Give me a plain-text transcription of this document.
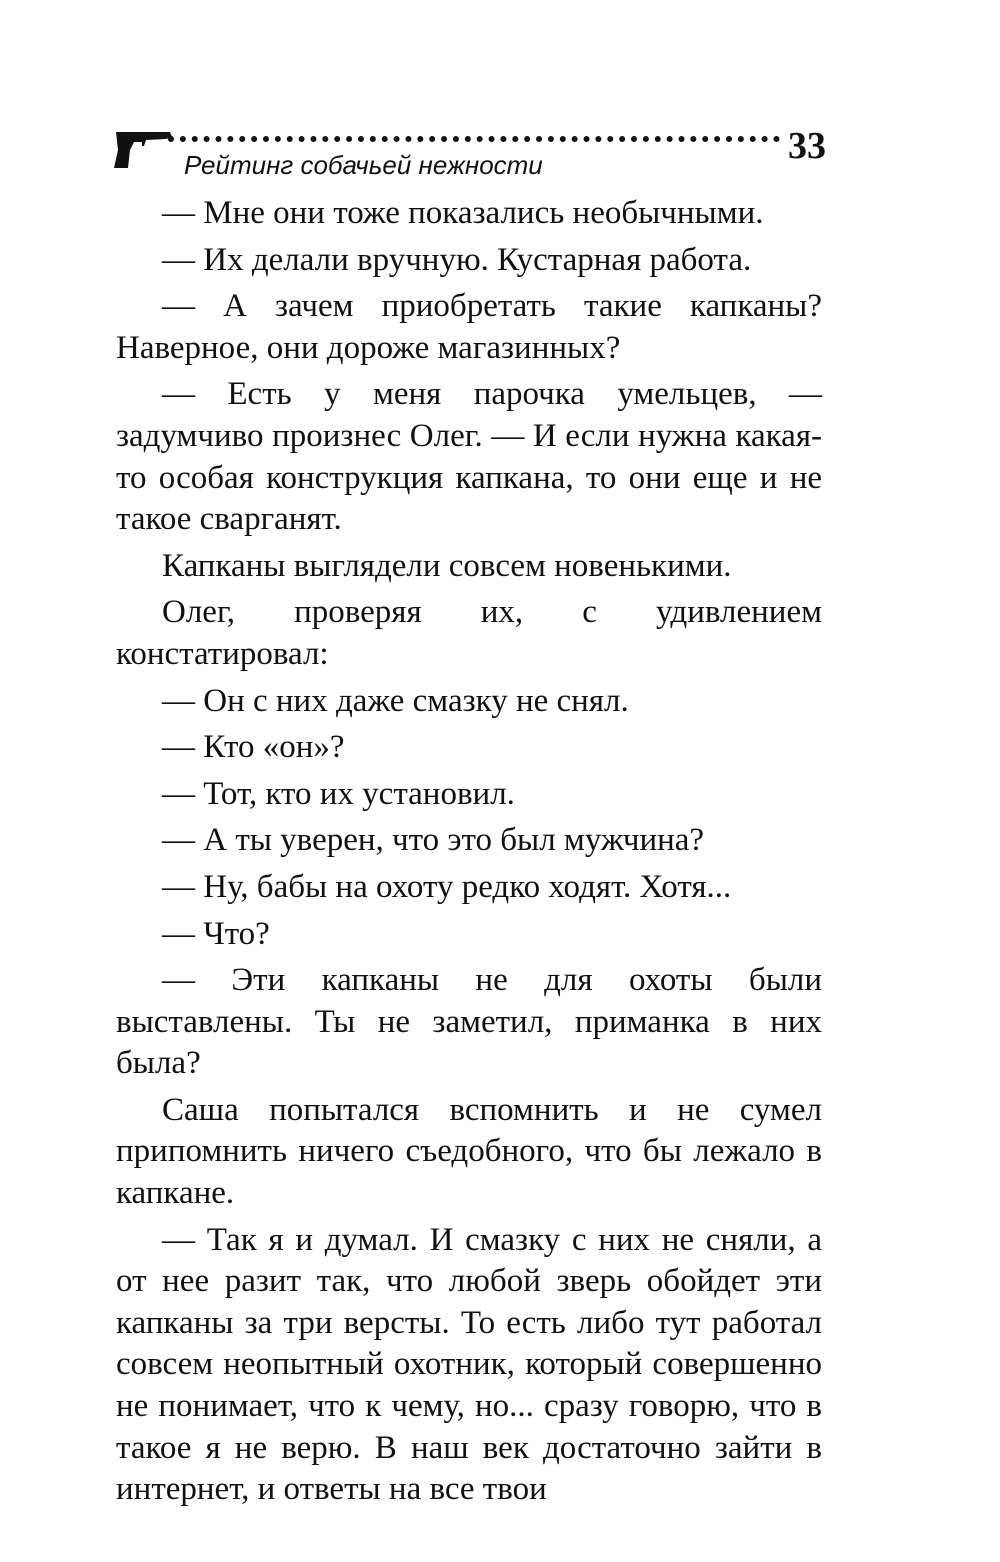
Рейтинг собачьей нежности	33

— Мне они тоже показались необычными.

— Их делали вручную. Кустарная работа.

— А зачем приобретать такие капканы? Наверное, они дороже магазинных?

— Есть у меня парочка умельцев, — задумчиво произнес Олег. — И если нужна какая-то особая конструкция капкана, то они еще и не такое сварганят.

Капканы выглядели совсем новенькими.

Олег, проверяя их, с удивлением констатировал:

— Он с них даже смазку не снял.

— Кто «он»?

— Тот, кто их установил.

— А ты уверен, что это был мужчина?

— Ну, бабы на охоту редко ходят. Хотя...

— Что?

— Эти капканы не для охоты были выставлены. Ты не заметил, приманка в них была?

Саша попытался вспомнить и не сумел припомнить ничего съедобного, что бы лежало в капкане.

— Так я и думал. И смазку с них не сняли, а от нее разит так, что любой зверь обойдет эти капканы за три версты. То есть либо тут работал совсем неопытный охотник, который совершенно не понимает, что к чему, но... сразу говорю, что в такое я не верю. В наш век достаточно зайти в интернет, и ответы на все твои
